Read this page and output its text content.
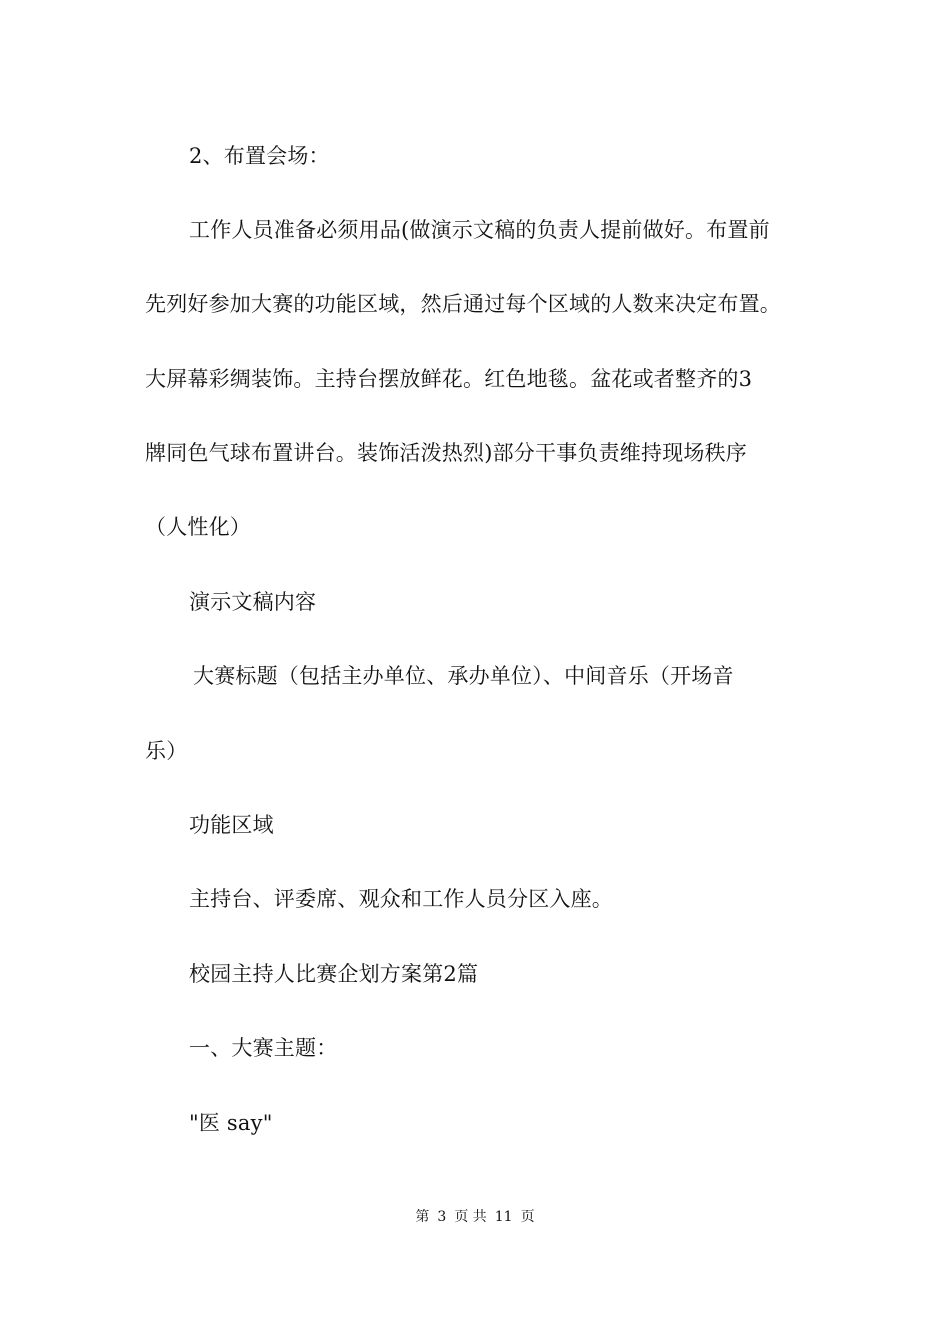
2、布置会场：
工作人员准备必须用品(做演示文稿的负责人提前做好。布置前
先列好参加大赛的功能区域，然后通过每个区域的人数来决定布置。
大屏幕彩绸装饰。主持台摆放鲜花。红色地毯。盆花或者整齐的3
牌同色气球布置讲台。装饰活泼热烈)部分干事负责维持现场秩序
（人性化）
演示文稿内容
大赛标题（包括主办单位、承办单位）、中间音乐（开场音
乐）
功能区域
主持台、评委席、观众和工作人员分区入座。
校园主持人比赛企划方案第2篇
一、大赛主题：
"医 say"
第 3 页 共 11 页
